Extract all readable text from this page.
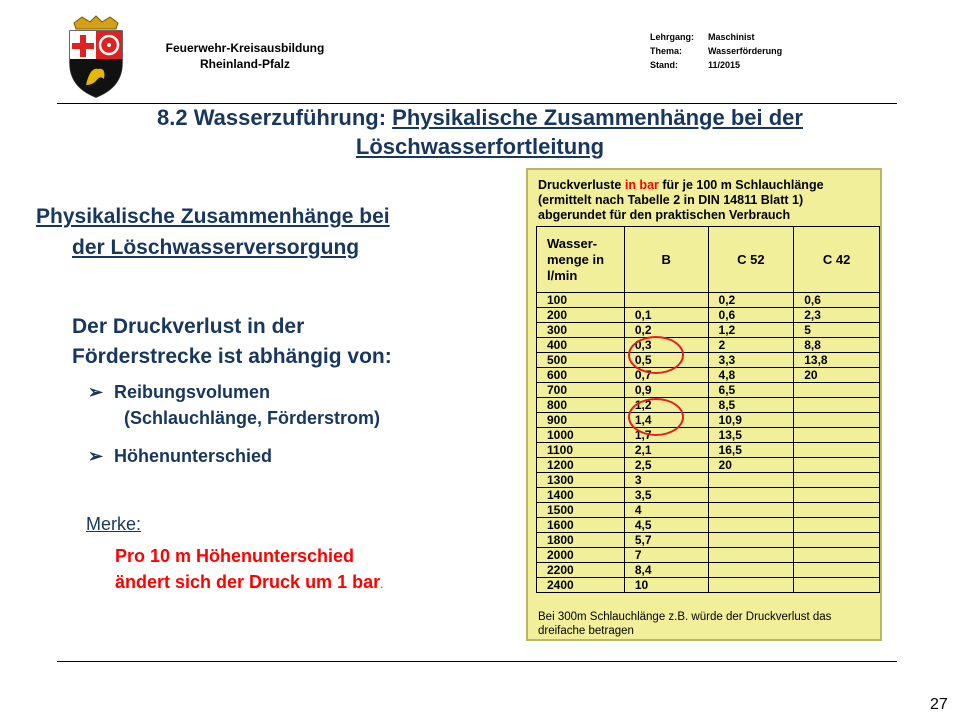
Feuerwehr-Kreisausbildung
Rheinland-Pfalz
Lehrgang: Maschinist
Thema:	Wasserförderung
Stand:	11/2015
8.2 Wasserzuführung: Physikalische Zusammenhänge bei der
Löschwasserfortleitung
Physikalische Zusammenhänge bei
der Löschwasserversorgung
Der Druckverlust in der
Förderstrecke ist abhängig von:
➢ Reibungsvolumen
(Schlauchlänge, Förderstrom)
➢ Höhenunterschied
Merke:
Pro 10 m Höhenunterschied
ändert sich der Druck um 1 bar.
Druckverluste in bar für je 100 m Schlauchlänge
(ermittelt nach Tabelle 2 in DIN 14811 Blatt 1)
abgerundet für den praktischen Verbrauch
Wasser-
menge in
l/min	B	C 52	C 42
100		0,2	0,6
200	0,1	0,6	2,3
300	0,2	1,2	5
400	0,3	2	8,8
500	0,5	3,3	13,8
600	0,7	4,8	20
700	0,9	6,5	
800	1,2	8,5	
900	1,4	10,9	
1000	1,7	13,5	
1100	2,1	16,5	
1200	2,5	20	
1300	3		
1400	3,5		
1500	4		
1600	4,5		
1800	5,7		
2000	7		
2200	8,4		
2400	10		
Bei 300m Schlauchlänge z.B. würde der Druckverlust das
dreifache betragen
27
